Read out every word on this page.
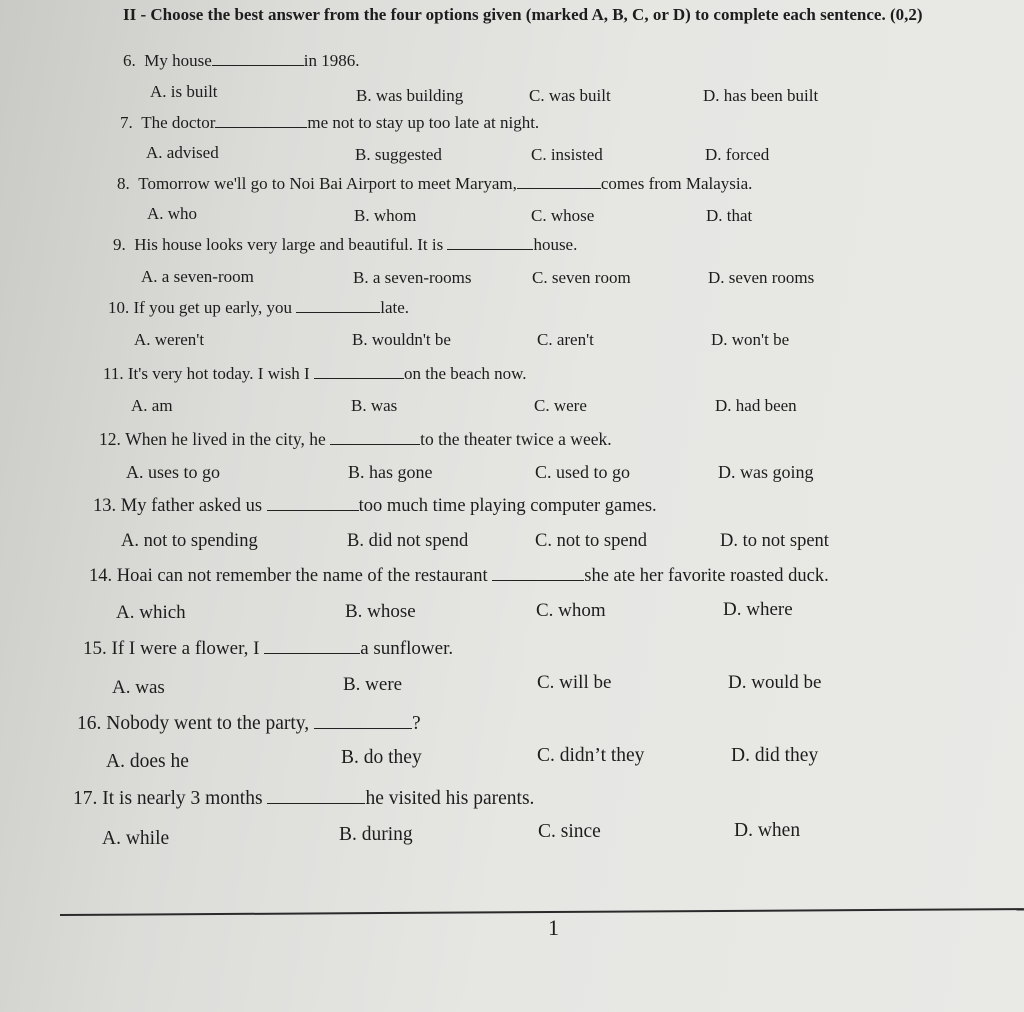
II - Choose the best answer from the four options given (marked A, B, C, or D) to complete each sentence. (0,2)
6. My house	in 1986.
A. is built	B. was building	C. was built	D. has been built
7. The doctor	me not to stay up too late at night.
A. advised	B. suggested	C. insisted	D. forced
8. Tomorrow we'll go to Noi Bai Airport to meet Maryam,	comes from Malaysia.
A. who	B. whom	C. whose	D. that
9. His house looks very large and beautiful. It is	house.
A. a seven-room	B. a seven-rooms	C. seven room	D. seven rooms
10. If you get up early, you	late.
A. weren't	B. wouldn't be	C. aren't	D. won't be
11. It's very hot today. I wish I	on the beach now.
A. am	B. was	C. were	D. had been
12. When he lived in the city, he	to the theater twice a week.
A. uses to go	B. has gone	C. used to go	D. was going
13. My father asked us	too much time playing computer games.
A. not to spending	B. did not spend	C. not to spend	D. to not spent
14. Hoai can not remember the name of the restaurant	she ate her favorite roasted duck.
A. which	B. whose	C. whom	D. where
15. If I were a flower, I	a sunflower.
A. was	B. were	C. will be	D. would be
16. Nobody went to the party,	?
A. does he	B. do they	C. didn’t they	D. did they
17. It is nearly 3 months	he visited his parents.
A. while	B. during	C. since	D. when
1
